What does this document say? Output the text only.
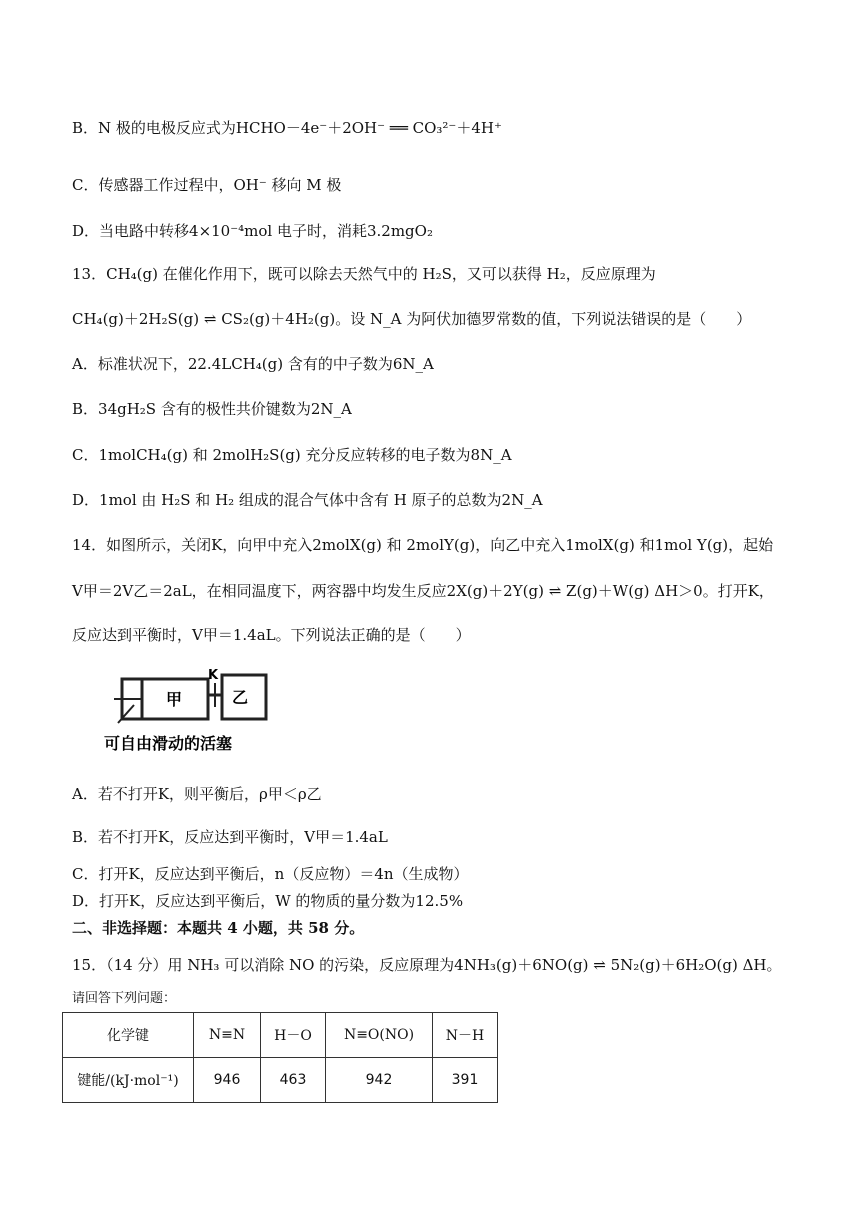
B．N 极的电极反应式为HCHO－4e⁻＋2OH⁻ ══ CO₃²⁻＋4H⁺
C．传感器工作过程中，OH⁻ 移向 M 极
D．当电路中转移4×10⁻⁴mol 电子时，消耗3.2mgO₂
13．CH₄(g) 在催化作用下，既可以除去天然气中的 H₂S，又可以获得 H₂，反应原理为
CH₄(g)＋2H₂S(g) ⇌ CS₂(g)＋4H₂(g)。设 N_A 为阿伏加德罗常数的值，下列说法错误的是（　　）
A．标准状况下，22.4LCH₄(g) 含有的中子数为6N_A
B．34gH₂S 含有的极性共价键数为2N_A
C．1molCH₄(g) 和 2molH₂S(g) 充分反应转移的电子数为8N_A
D．1mol 由 H₂S 和 H₂ 组成的混合气体中含有 H 原子的总数为2N_A
14．如图所示，关闭K，向甲中充入2molX(g) 和 2molY(g)，向乙中充入1molX(g) 和1mol Y(g)，起始
V甲＝2V乙＝2aL，在相同温度下，两容器中均发生反应2X(g)＋2Y(g) ⇌ Z(g)＋W(g) ΔH＞0。打开K，
反应达到平衡时，V甲＝1.4aL。下列说法正确的是（　　）
甲	乙
K
可自由滑动的活塞
A．若不打开K，则平衡后，ρ甲＜ρ乙
B．若不打开K，反应达到平衡时，V甲＝1.4aL
C．打开K，反应达到平衡后，n（反应物）＝4n（生成物）
D．打开K，反应达到平衡后，W 的物质的量分数为12.5%
二、非选择题：本题共 4 小题，共 58 分。
15．（14 分）用 NH₃ 可以消除 NO 的污染，反应原理为4NH₃(g)＋6NO(g) ⇌ 5N₂(g)＋6H₂O(g) ΔH。
请回答下列问题：
化学键	N≡N	H－O	N≡O(NO)	N－H
键能/(kJ·mol⁻¹)	946	463	942	391
